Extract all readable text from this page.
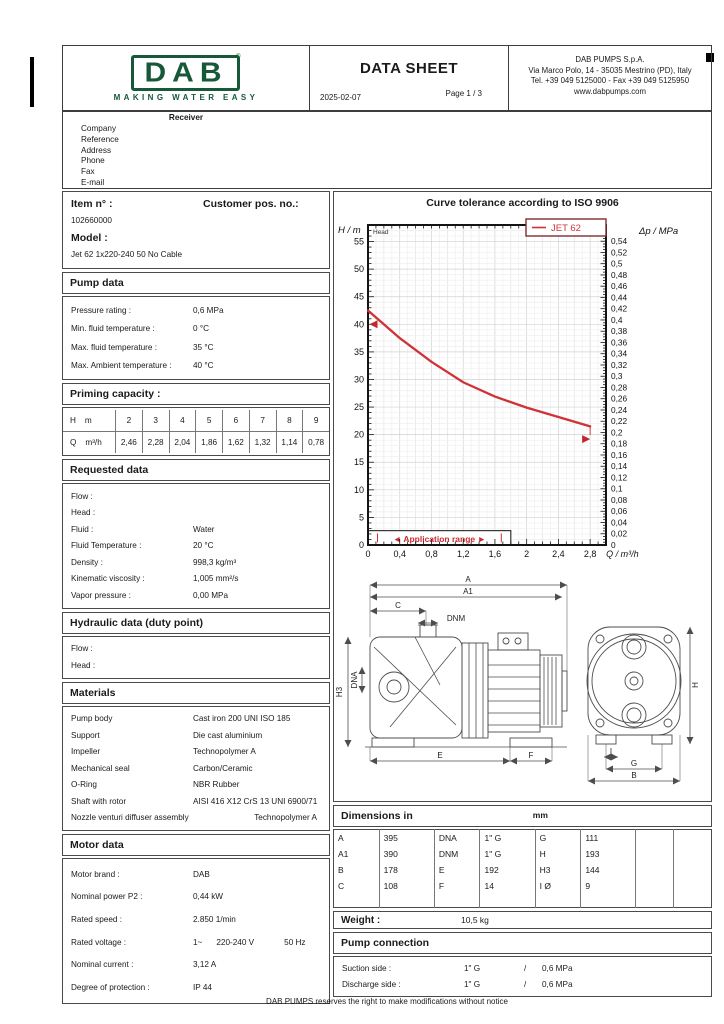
DAB
®
MAKING WATER EASY
DATA SHEET
2025-02-07	Page 1 / 3
DAB PUMPS S.p.A.
Via Marco Polo, 14 - 35035 Mestrino (PD), Italy
Tel. +39 049 5125000 - Fax +39 049 5125950
www.dabpumps.com
Receiver
Company
Reference
Address
Phone
Fax
E-mail
Item n° :	Customer pos. no.:
102660000
Model :
Jet 62 1x220-240 50 No Cable
Pump data
Pressure rating :	0,6 MPa
Min. fluid temperature :	0 °C
Max. fluid temperature :	35 °C
Max. Ambient temperature :	40 °C
Priming capacity :
H m	2	3	4	5	6	7	8	9
Q m³/h	2,46	2,28	2,04	1,86	1,62	1,32	1,14	0,78
Requested data
Flow :
Head :
Fluid :	Water
Fluid Temperature :	20 °C
Density :	998,3 kg/m³
Kinematic viscosity :	1,005 mm²/s
Vapor pressure :	0,00 MPa
Hydraulic data (duty point)
Flow :
Head :
Materials
Pump body	Cast iron 200 UNI ISO 185
Support	Die cast aluminium
Impeller	Technopolymer A
Mechanical seal	Carbon/Ceramic
O-Ring	NBR Rubber
Shaft with rotor	AISI 416 X12 CrS 13 UNI 6900/71
Nozzle venturi diffuser assembly	Technopolymer A
Motor data
Motor brand :	DAB
Nominal power P2 :	0,44 kW
Rated speed :	2.850 1/min
Rated voltage :	1~ 220-240 V	50 Hz
Nominal current :	3,12 A
Degree of protection :	IP 44
Curve tolerance according to ISO 9906
◄ Application range ►
0
0,02
0,04
0,06
0,08
0,1
0,12
0,14
0,16
0,18
0,2
0,22
0,24
0,26
0,28
0,3
0,32
0,34
0,36
0,38
0,4
0,42
0,44
0,46
0,48
0,5
0,52
0,54
0
5
10
15
20
25
30
35
40
45
50
55
0	0,4 0,8 1,2 1,6	2	2,4 2,8
H / m	Δp / MPa
Q / m³/h
Head	JET 62
A
A1
C
DNM
DNA
H3
E	F
H
I
G
B
Dimensions in	mm
A	395	DNA	1" G	G	111		
A1	390	DNM	1" G	H	193		
B	178	E	192	H3	144		
C	108	F	14	I Ø	9		

Weight :	10,5 kg
Pump connection
Suction side :	1" G	/	0,6 MPa
Discharge side :	1" G	/	0,6 MPa
DAB PUMPS reserves the right to make modifications without notice
